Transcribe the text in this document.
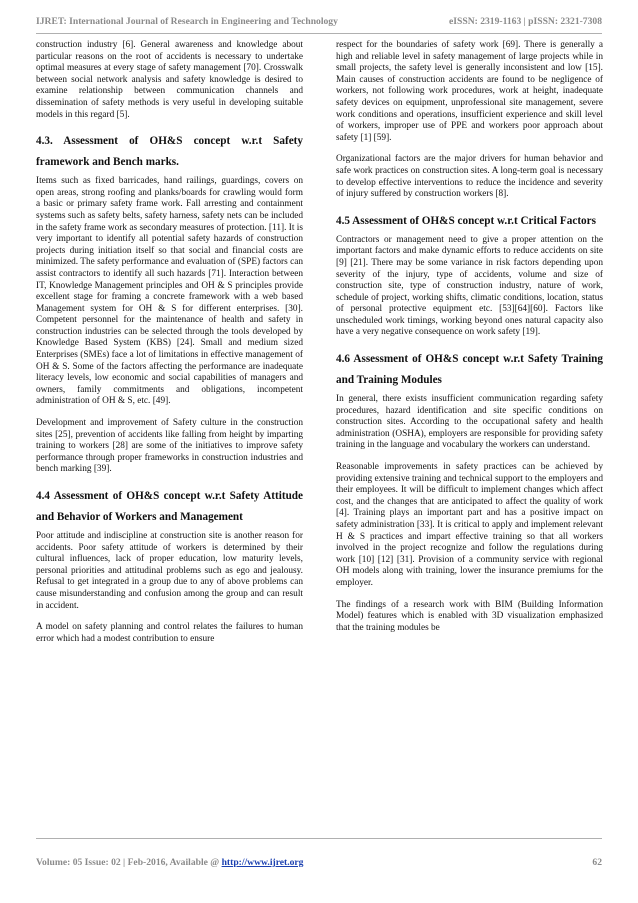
IJRET: International Journal of Research in Engineering and Technology	eISSN: 2319-1163 | pISSN: 2321-7308

construction industry [6]. General awareness and knowledge about particular reasons on the root of accidents is necessary to undertake optimal measures at every stage of safety management [70]. Crosswalk between social network analysis and safety knowledge is desired to examine relationship between communication channels and dissemination of safety methods is very useful in developing suitable models in this regard [5].

4.3. Assessment of OH&S concept w.r.t Safety framework and Bench marks.

Items such as fixed barricades, hand railings, guardings, covers on open areas, strong roofing and planks/boards for crawling would form a basic or primary safety frame work. Fall arresting and containment systems such as safety belts, safety harness, safety nets can be included in the safety frame work as secondary measures of protection. [11]. It is very important to identify all potential safety hazards of construction projects during initiation itself so that social and financial costs are minimized. The safety performance and evaluation of (SPE) factors can assist contractors to identify all such hazards [71]. Interaction between IT, Knowledge Management principles and OH & S principles provide excellent stage for framing a concrete framework with a web based Management system for OH & S for different enterprises. [30]. Competent personnel for the maintenance of health and safety in construction industries can be selected through the tools developed by Knowledge Based System (KBS) [24]. Small and medium sized Enterprises (SMEs) face a lot of limitations in effective management of OH & S. Some of the factors affecting the performance are inadequate literacy levels, low economic and social capabilities of managers and owners, family commitments and obligations, incompetent administration of OH & S, etc. [49].

Development and improvement of Safety culture in the construction sites [25], prevention of accidents like falling from height by imparting training to workers [28] are some of the initiatives to improve safety performance through proper frameworks in construction industries and bench marking [39].

4.4 Assessment of OH&S concept w.r.t Safety Attitude and Behavior of Workers and Management

Poor attitude and indiscipline at construction site is another reason for accidents. Poor safety attitude of workers is determined by their cultural influences, lack of proper education, low maturity levels, personal priorities and attitudinal problems such as ego and jealousy. Refusal to get integrated in a group due to any of above problems can cause misunderstanding and confusion among the group and can result in accident.

A model on safety planning and control relates the failures to human error which had a modest contribution to ensure

respect for the boundaries of safety work [69]. There is generally a high and reliable level in safety management of large projects while in small projects, the safety level is generally inconsistent and low [15]. Main causes of construction accidents are found to be negligence of workers, not following work procedures, work at height, inadequate safety devices on equipment, unprofessional site management, severe work conditions and operations, insufficient experience and skill level of workers, improper use of PPE and workers poor approach about safety [1] [59].

Organizational factors are the major drivers for human behavior and safe work practices on construction sites. A long-term goal is necessary to develop effective interventions to reduce the incidence and severity of injury suffered by construction workers [8].

4.5 Assessment of OH&S concept w.r.t Critical Factors

Contractors or management need to give a proper attention on the important factors and make dynamic efforts to reduce accidents on site [9] [21]. There may be some variance in risk factors depending upon severity of the injury, type of accidents, volume and size of construction site, type of construction industry, nature of work, schedule of project, working shifts, climatic conditions, location, status of personal protective equipment etc. [53][64][60]. Factors like unscheduled work timings, working beyond ones natural capacity also have a very negative consequence on work safety [19].

4.6 Assessment of OH&S concept w.r.t Safety Training and Training Modules

In general, there exists insufficient communication regarding safety procedures, hazard identification and site specific conditions on construction sites. According to the occupational safety and health administration (OSHA), employers are responsible for providing safety training in the language and vocabulary the workers can understand.

Reasonable improvements in safety practices can be achieved by providing extensive training and technical support to the employers and their employees. It will be difficult to implement changes which affect cost, and the changes that are anticipated to affect the quality of work [4]. Training plays an important part and has a positive impact on safety administration [33]. It is critical to apply and implement relevant H & S practices and impart effective training so that all workers involved in the project recognize and follow the regulations during work [10] [12] [31]. Provision of a community service with regional OH models along with training, lower the insurance premiums for the employer.

The findings of a research work with BIM (Building Information Model) features which is enabled with 3D visualization emphasized that the training modules be

Volume: 05 Issue: 02 | Feb-2016, Available @ http://www.ijret.org	62
